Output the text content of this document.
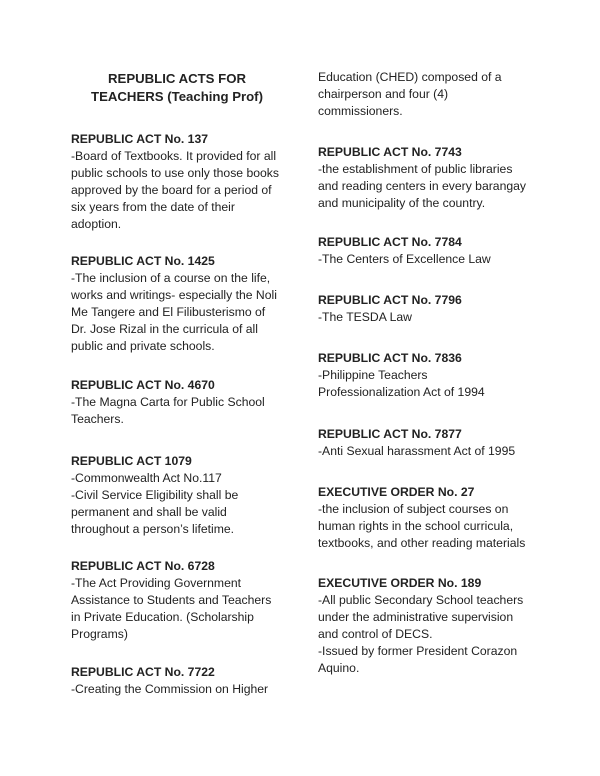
REPUBLIC ACTS FOR
TEACHERS (Teaching Prof)
REPUBLIC ACT No. 137
-Board of Textbooks. It provided for all
public schools to use only those books
approved by the board for a period of
six years from the date of their
adoption.
REPUBLIC ACT No. 1425
-The inclusion of a course on the life,
works and writings- especially the Noli
Me Tangere and El Filibusterismo of
Dr. Jose Rizal in the curricula of all
public and private schools.
REPUBLIC ACT No. 4670
-The Magna Carta for Public School
Teachers.
REPUBLIC ACT 1079
-Commonwealth Act No.117
-Civil Service Eligibility shall be
permanent and shall be valid
throughout a person’s lifetime.
REPUBLIC ACT No. 6728
-The Act Providing Government
Assistance to Students and Teachers
in Private Education. (Scholarship
Programs)
REPUBLIC ACT No. 7722
-Creating the Commission on Higher
Education (CHED) composed of a
chairperson and four (4)
commissioners.
REPUBLIC ACT No. 7743
-the establishment of public libraries
and reading centers in every barangay
and municipality of the country.
REPUBLIC ACT No. 7784
-The Centers of Excellence Law
REPUBLIC ACT No. 7796
-The TESDA Law
REPUBLIC ACT No. 7836
-Philippine Teachers
Professionalization Act of 1994
REPUBLIC ACT No. 7877
-Anti Sexual harassment Act of 1995
EXECUTIVE ORDER No. 27
-the inclusion of subject courses on
human rights in the school curricula,
textbooks, and other reading materials
EXECUTIVE ORDER No. 189
-All public Secondary School teachers
under the administrative supervision
and control of DECS.
-Issued by former President Corazon
Aquino.
